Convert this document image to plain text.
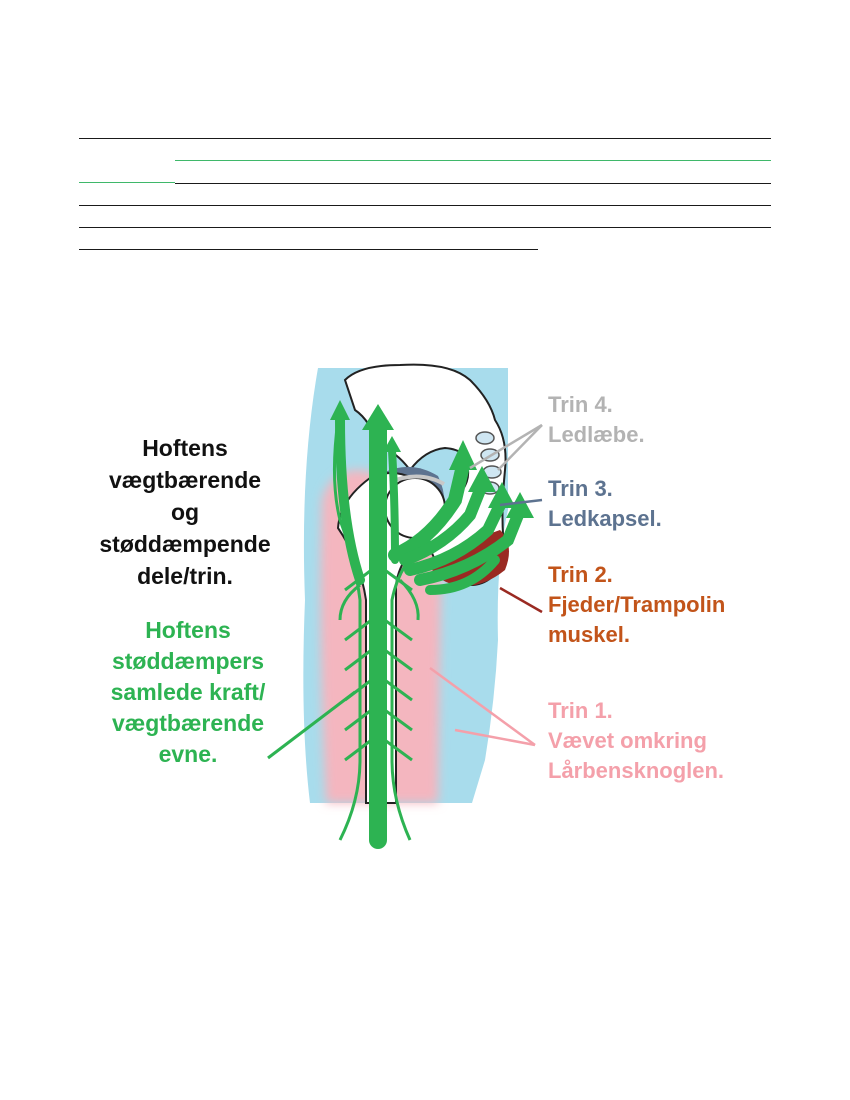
Hoftens
vægtbærende
og
støddæmpende
dele/trin.
Hoftens
støddæmpers
samlede kraft/
vægtbærende
evne.
Trin 4.
Ledlæbe.
Trin 3.
Ledkapsel.
Trin 2.
Fjeder/Trampolin
muskel.
Trin 1.
Vævet omkring
Lårbensknoglen.
